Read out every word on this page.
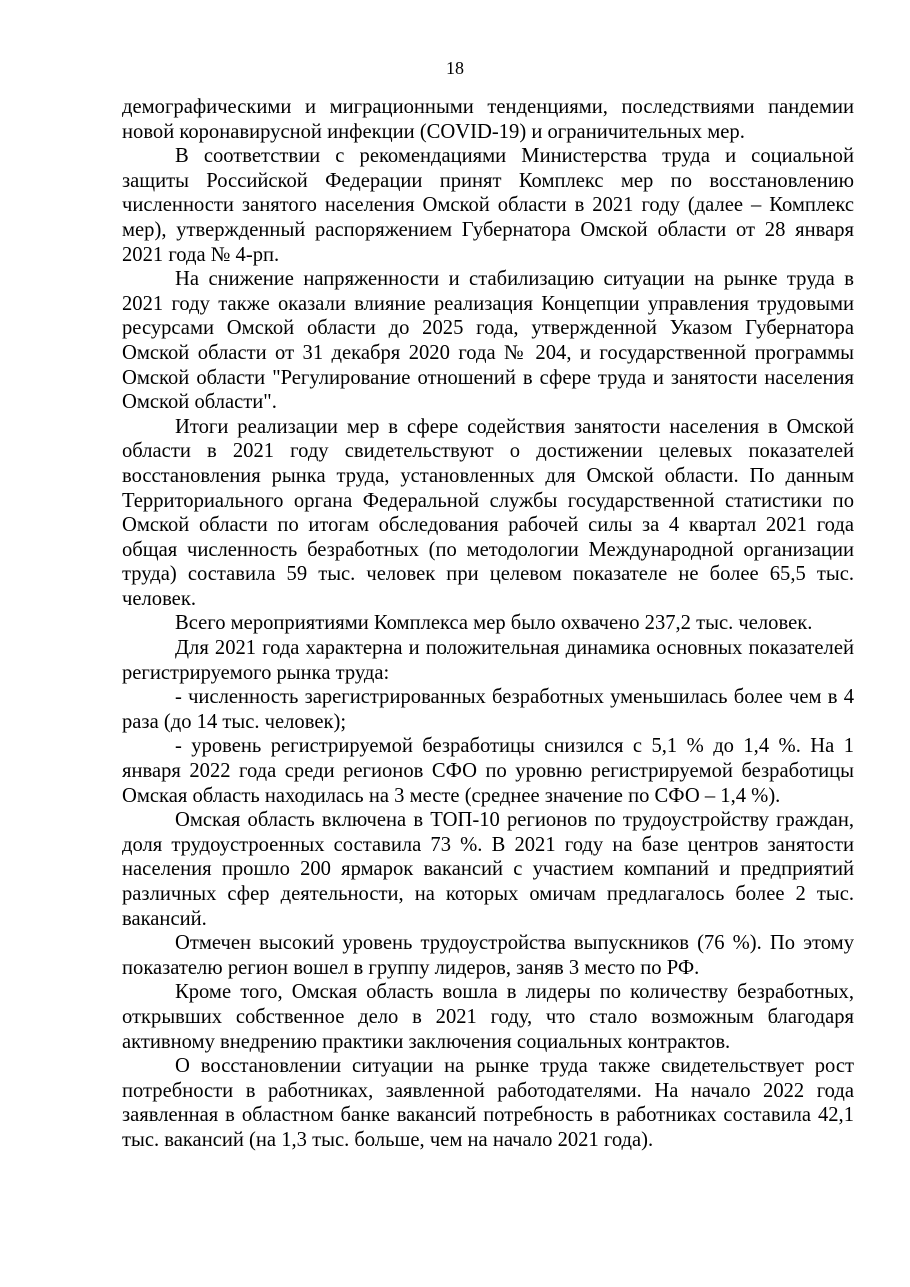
18

демографическими и миграционными тенденциями, последствиями пандемии новой коронавирусной инфекции (COVID-19) и ограничительных мер.

В соответствии с рекомендациями Министерства труда и социальной защиты Российской Федерации принят Комплекс мер по восстановлению численности занятого населения Омской области в 2021 году (далее – Комплекс мер), утвержденный распоряжением Губернатора Омской области от 28 января 2021 года № 4-рп.

На снижение напряженности и стабилизацию ситуации на рынке труда в 2021 году также оказали влияние реализация Концепции управления трудовыми ресурсами Омской области до 2025 года, утвержденной Указом Губернатора Омской области от 31 декабря 2020 года № 204, и государственной программы Омской области "Регулирование отношений в сфере труда и занятости населения Омской области".

Итоги реализации мер в сфере содействия занятости населения в Омской области в 2021 году свидетельствуют о достижении целевых показателей восстановления рынка труда, установленных для Омской области. По данным Территориального органа Федеральной службы государственной статистики по Омской области по итогам обследования рабочей силы за 4 квартал 2021 года общая численность безработных (по методологии Международной организации труда) составила 59 тыс. человек при целевом показателе не более 65,5 тыс. человек.

Всего мероприятиями Комплекса мер было охвачено 237,2 тыс. человек.

Для 2021 года характерна и положительная динамика основных показателей регистрируемого рынка труда:

- численность зарегистрированных безработных уменьшилась более чем в 4 раза (до 14 тыс. человек);

- уровень регистрируемой безработицы снизился с 5,1 % до 1,4 %. На 1 января 2022 года среди регионов СФО по уровню регистрируемой безработицы Омская область находилась на 3 месте (среднее значение по СФО – 1,4 %).

Омская область включена в ТОП-10 регионов по трудоустройству граждан, доля трудоустроенных составила 73 %. В 2021 году на базе центров занятости населения прошло 200 ярмарок вакансий с участием компаний и предприятий различных сфер деятельности, на которых омичам предлагалось более 2 тыс. вакансий.

Отмечен высокий уровень трудоустройства выпускников (76 %). По этому показателю регион вошел в группу лидеров, заняв 3 место по РФ.

Кроме того, Омская область вошла в лидеры по количеству безработных, открывших собственное дело в 2021 году, что стало возможным благодаря активному внедрению практики заключения социальных контрактов.

О восстановлении ситуации на рынке труда также свидетельствует рост потребности в работниках, заявленной работодателями. На начало 2022 года заявленная в областном банке вакансий потребность в работниках составила 42,1 тыс. вакансий (на 1,3 тыс. больше, чем на начало 2021 года).
